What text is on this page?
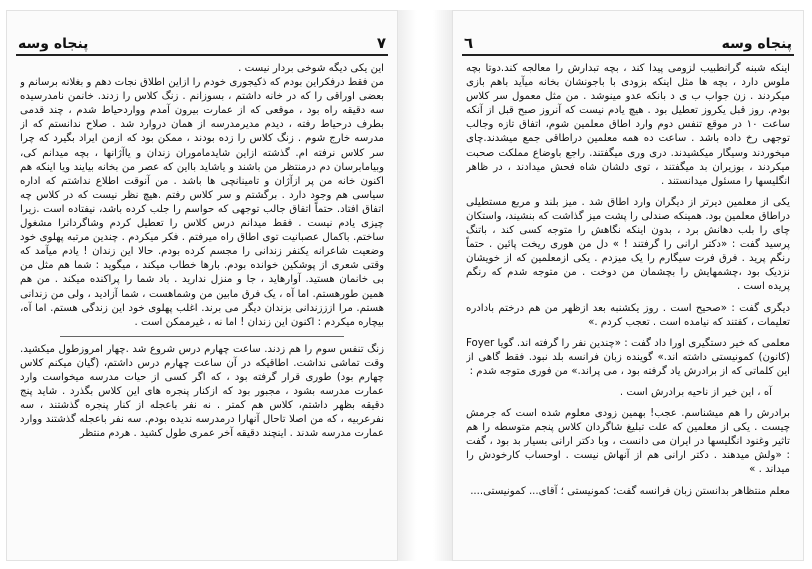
پنجاه وسه	٧

این یکی دیگه شوخی بردار نیست .

من فقط درفکراین بودم که ذکیجوری خودم را ازاین اطلاق نجات دهم و بغلانه برسانم و بعضی اوراقی را که در خانه داشتم ، بسوزانم . زنگ کلاس را زدند. خانمن نامدرسیده سه دقیقه راه بود ، موقعی که از عمارت بیرون آمدم وواردحیاط شدم ، چند قدمی بطرف درحیاط رفته ، دیدم مدیرمدرسه از همان دروارد شد . صلاح ندانستم که از مدرسه خارج شوم . زنگ کلاس را زده بودند ، ممکن بود که ازمن ایراد بگیرد که چرا سر کلاس نرفته ام. گذشته ازاین شایدماموران زندان و یاآژانها ، بچه میدانم کی، وبیامابرسان دم درمنتظر من باشند و یاشاید بااین که عصر من بخانه بیایند ویا اینکه هم اکنون خانه من پر ازآژان و تامینانچی ها باشد . من آنوقت اطلاع نداشتم که اداره سیاسی هم وجود دارد . برگشتم و سر کلاس رفتم .هیچ نظر نیست که در کلاس چه اتفاق افتاد. حتماً اتفاق جالب توجهی که حواسم را جلب کرده باشد، نیفتاده است .زیرا چیزی یادم نیست . فقط میدانم درس کلاس را تعطیل کردم وشاگردانرا مشغول ساختم. باکمال عصبانیت توی اطاق راه میرفتم . فکر میکردم . چندین مرتبه پهلوی خود وضعیت شاعرانه یکنفر زندانی را مجسم کرده بودم. حالا این زندان ! یادم میآمد که وقتی شعری از پوشکین خوانده بودم. بارها خطاب میکند ، میگوید : شما هم مثل من بی خانمان هستید. آوارهاید ، جا و منزل ندارید . باد شما را پراکنده میکند . من هم همین طورهستم. اما آه ، یک فرق مابین من وشماهست ، شما آزادید ، ولی من زندانی هستم. مرا ازززندانی بزندان دیگر می برند. اغلب پهلوی خود این زندگی هستم. اما آه، بیچاره میکردم : اکنون این زندان ! اما نه ، غیرممکن است .

زنگ تنفس سوم را هم زدند. ساعت چهارم درس شروع شد .چهار امروزطول میکشید. وقت تماشی نداشت. اطاقیکه در آن ساعت چهارم درس داشتم، (گیان میکنم کلاس چهارم بود) طوری قرار گرفته بود ، که اگر کسی از حیات مدرسه میخواست وارد عمارت مدرسه بشود ، مجبور بود که ازکنار پنجره های این کلاس بگذرد . شاید پنج دقیقه بظهر داشتم، کلاس هم کمتر . نه نفر باعجله از کنار پنجره گذشتند ، سه نفرعربیه ، که من اصلا تاحال آنهارا درمدرسه ندیده بودم. سه نفر باعجله گذشتند ووارد عمارت مدرسه شدند . اینچند دقیقه آخر عمری طول کشید . هردم منتظر

٦	پنجاه وسه

اینکه شبنه گرانطبیب لزومی پیدا کند ، بچه تبدارش را معالجه کند.دوتا بچه ملوس دارد ، بچه ها مثل اینکه بزودی با باجونشان بخانه میآید باهم بازی میکردند . زن جواب ب ی د بانکه عدو مینوشد . من مثل معمول سر کلاس بودم. روز قبل یکروز تعطیل بود . هیچ یادم نیست که آنروز صبح قبل از آنکه ساعت ۱۰ در موقع تنفس دوم وارد اطاق معلمین شوم، اتفاق تازه وجالب توجهی رخ داده باشد . ساعت ده همه معلمین دراطاقی جمع میشدند.چای میخوردند وسیگار میکشیدند. دری وری میگفتند. راجع باوضاع مملکت صحبت میکردند ، بوزیران بد میگفتند ، توی دلشان شاه فحش میدادند ، در ظاهر انگلیسها را مسئول میدانستند .

یکی از معلمین دیرتر از دیگران وارد اطاق شد . میز بلند و مربع مستطیلی دراطاق معلمین بود. همینکه صندلی را پشت میز گذاشت که بنشیند، واستکان چای را بلب دهانش برد ، بدون اینکه نگاهش را متوجه کسی کند ، باتنگ پرسید گفت : «دکتر ارانی را گرفتند ! » دل من هوری ریخت پائین . حتماً رنگم پرید . فرق فرت سیگارم را یک میزدم . یکی ازمعلمین که از خویشان نزدیک بود ،چشمهایش را بچشمان من دوخت . من متوجه شدم که رنگم پریده است .

دیگری گفت : «صحیح است . روز یکشنبه بعد ازظهر من هم درختم بادادره تعلیمات ، کفتند که نیامده است . تعجب کردم .»

معلمی که خیر دستگیری اورا داد گفت : «چندین نفر را گرفته اند. گویا Foyer (کانون) کمونیستی داشته اند.» گوینده زبان فرانسه بلد نبود. فقط گاهی از این کلماتی که از برادرش یاد گرفته بود ، می پراند.» من فوری متوجه شدم :

آه ، این خیر از ناحیه برادرش است .

برادرش را هم میشناسم. عجب! بهمین زودی معلوم شده است که جرمش چیست . یکی از معلمین که علت تبلیغ شاگردان کلاس پنجم متوسطه را هم تاثیر وغنود انگلیسها در ایران می دانست ، وبا دکتر ارانی بسیار بد بود ، گفت : «ولش میدهند . دکتر ارانی هم از آنهاش نیست . اوحساب کارخودش را میداند . »

معلم منتظاهر بدانستن زبان فرانسه گفت: کمونیستی ؛ آقای... کمونیستی....
